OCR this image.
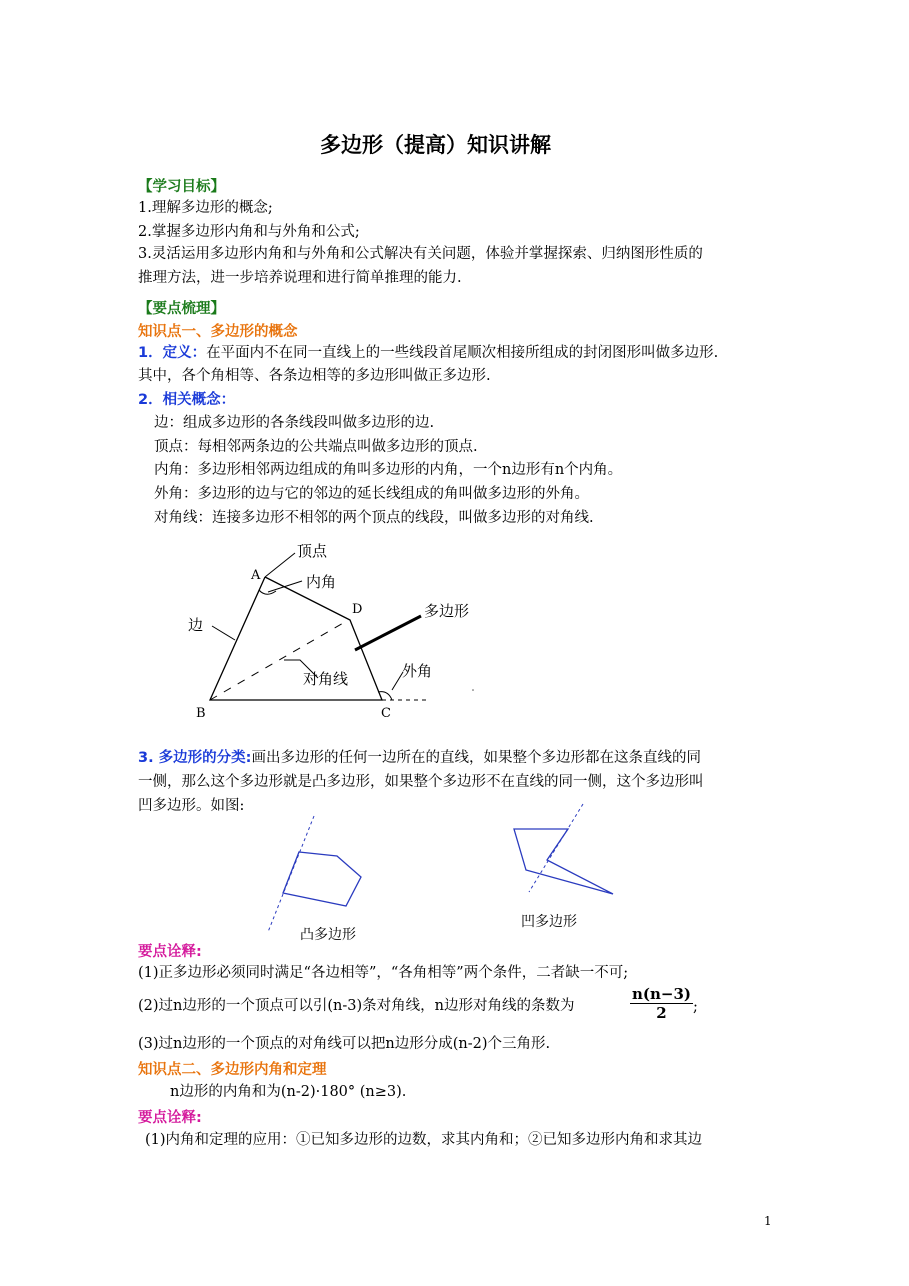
多边形（提高）知识讲解
【学习目标】
1.理解多边形的概念;
2.掌握多边形内角和与外角和公式;
3.灵活运用多边形内角和与外角和公式解决有关问题，体验并掌握探索、归纳图形性质的
推理方法，进一步培养说理和进行简单推理的能力.
【要点梳理】
知识点一、多边形的概念
1．定义：在平面内不在同一直线上的一些线段首尾顺次相接所组成的封闭图形叫做多边形.
其中，各个角相等、各条边相等的多边形叫做正多边形.
2．相关概念：
边：组成多边形的各条线段叫做多边形的边.
顶点：每相邻两条边的公共端点叫做多边形的顶点.
内角：多边形相邻两边组成的角叫多边形的内角，一个n边形有n个内角。
外角：多边形的边与它的邻边的延长线组成的角叫做多边形的外角。
对角线：连接多边形不相邻的两个顶点的线段，叫做多边形的对角线.
顶点
内角
边
多边形
对角线	外角
A
B	C
D
3. 多边形的分类:画出多边形的任何一边所在的直线，如果整个多边形都在这条直线的同
一侧，那么这个多边形就是凸多边形，如果整个多边形不在直线的同一侧，这个多边形叫
凹多边形。如图:
凸多边形
凹多边形
要点诠释:
(1)正多边形必须同时满足“各边相等”，“各角相等”两个条件，二者缺一不可;
(2)过n边形的一个顶点可以引(n-3)条对角线，n边形对角线的条数为	$\frac{n(n-3)}{2}$ ;
(3)过n边形的一个顶点的对角线可以把n边形分成(n-2)个三角形.
知识点二、多边形内角和定理
n边形的内角和为(n-2)·180° (n≥3).
要点诠释:
(1)内角和定理的应用：①已知多边形的边数，求其内角和；②已知多边形内角和求其边
1
